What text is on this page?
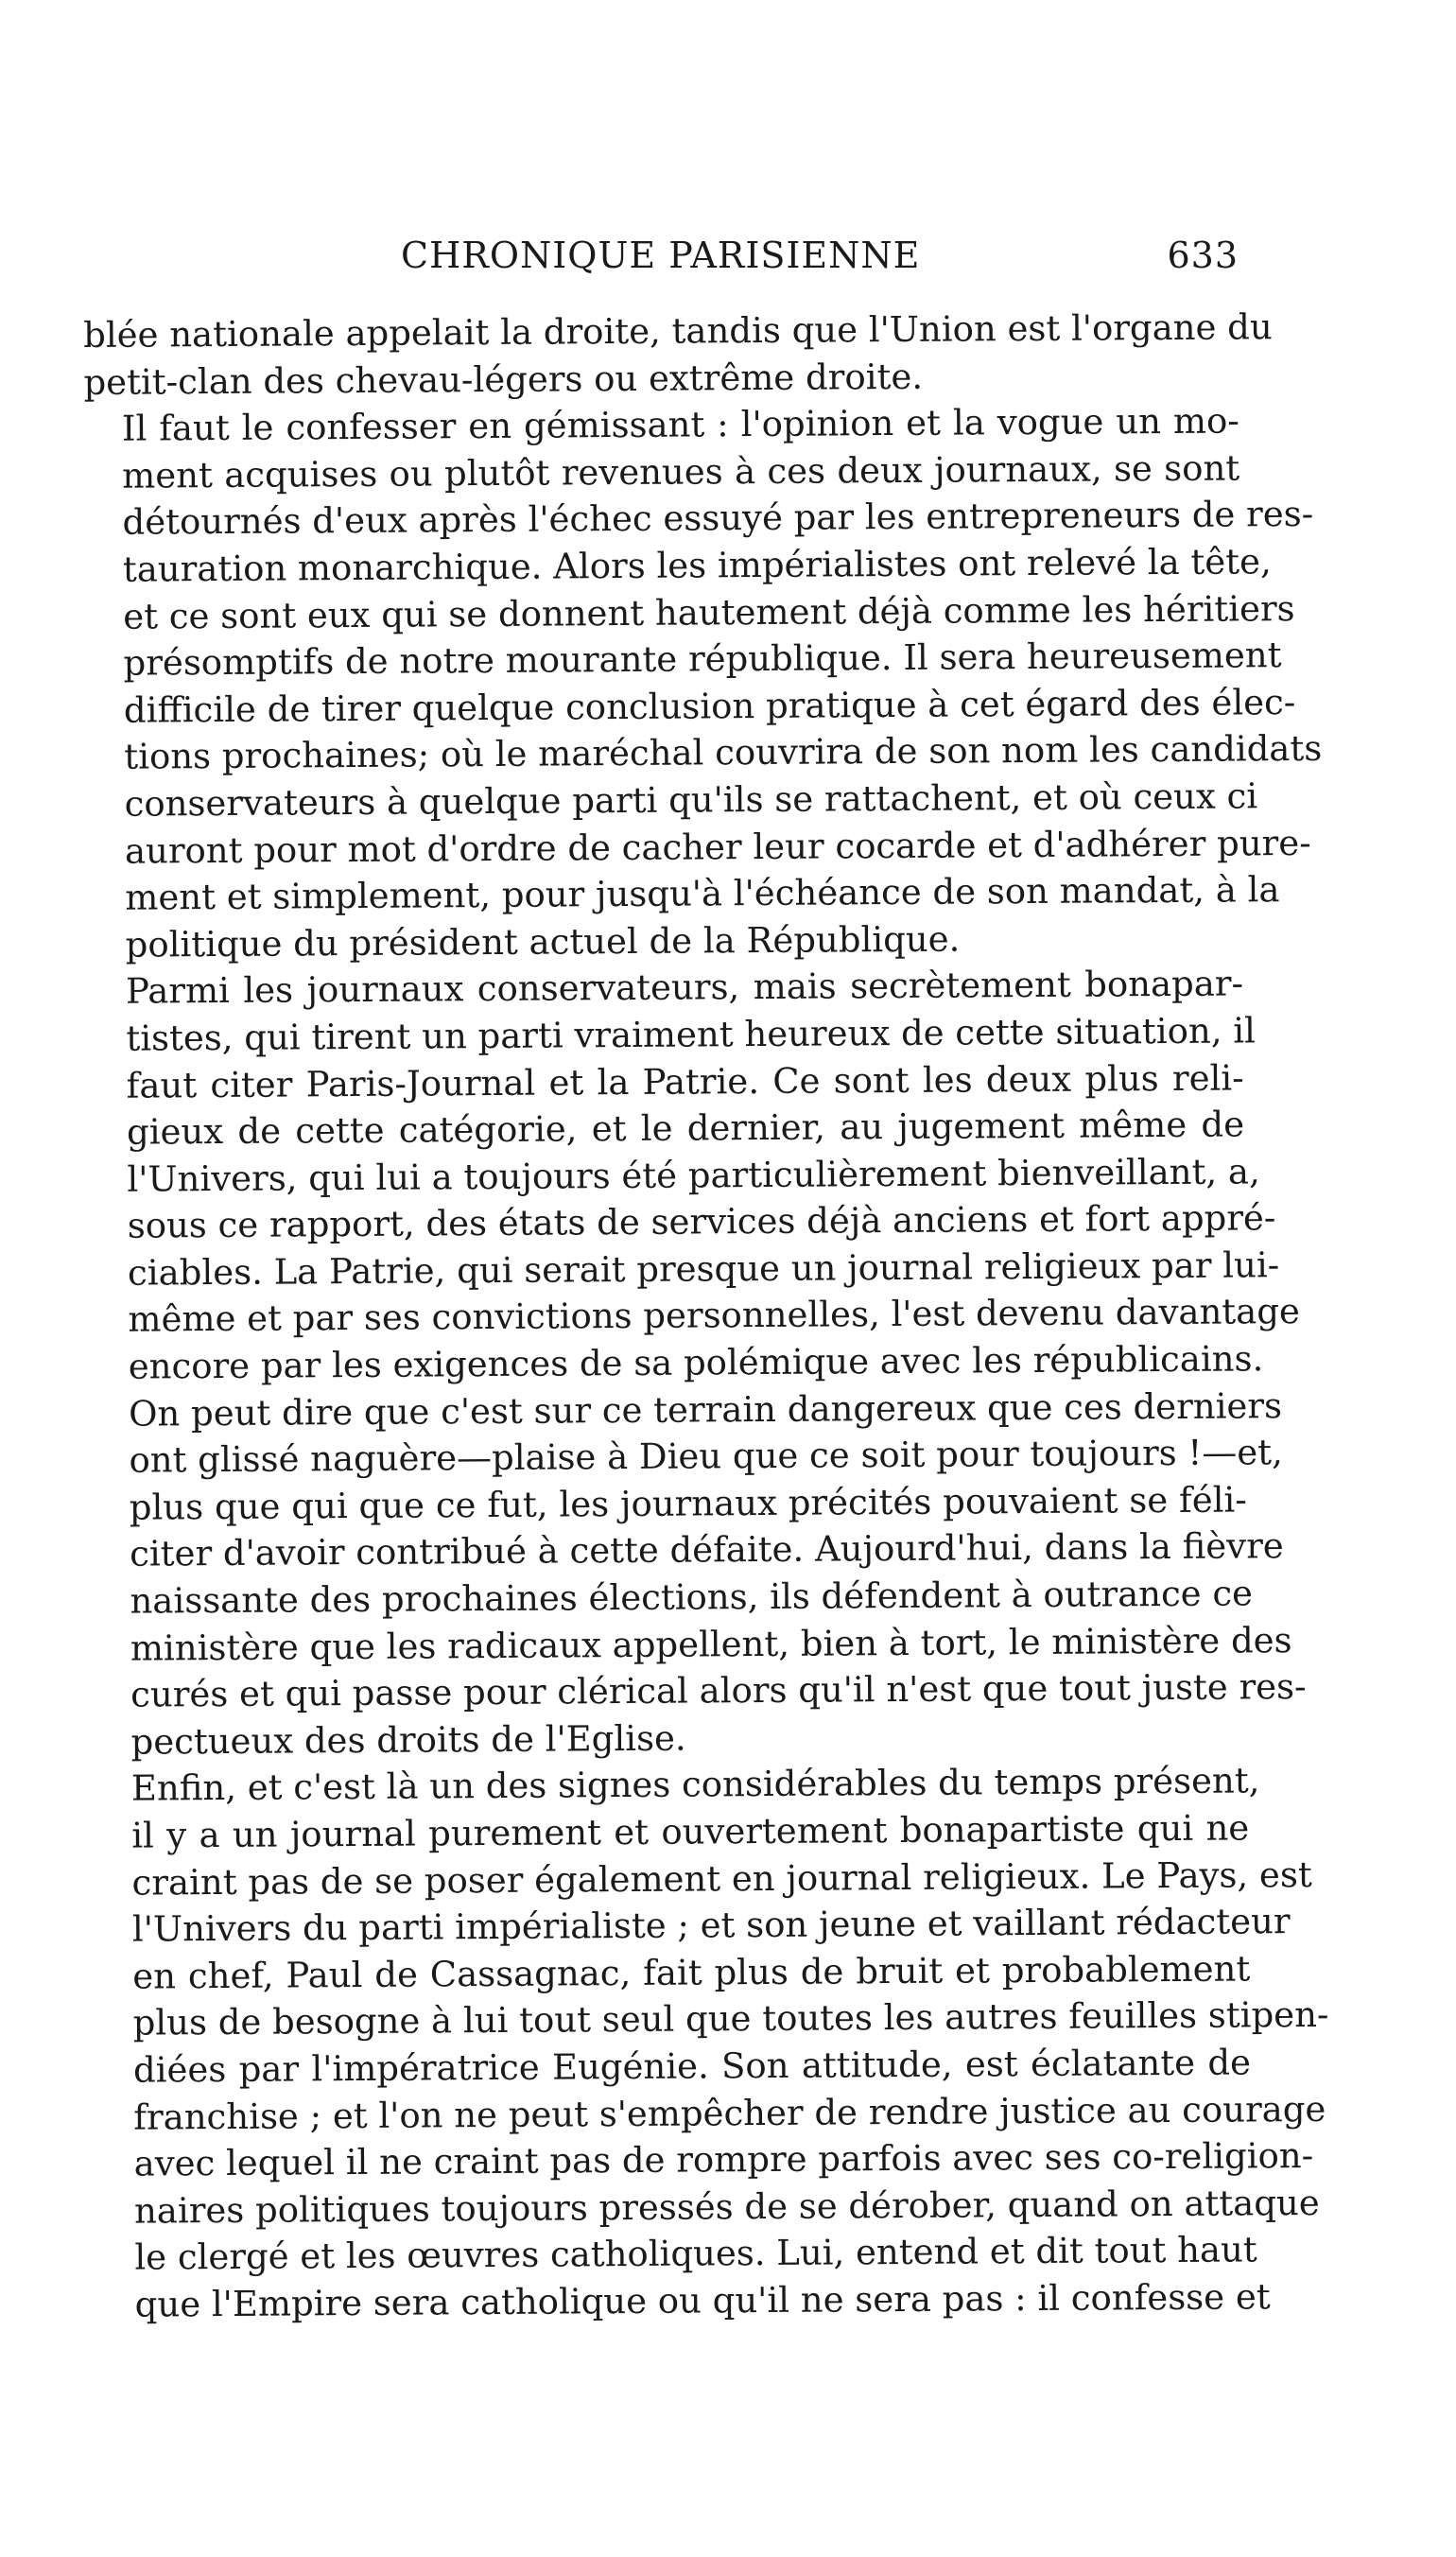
CHRONIQUE PARISIENNE	633

blée nationale appelait la droite, tandis que l'Union est l'organe du
petit-clan des chevau-légers ou extrême droite.

Il faut le confesser en gémissant : l'opinion et la vogue un mo-
ment acquises ou plutôt revenues à ces deux journaux, se sont
détournés d'eux après l'échec essuyé par les entrepreneurs de res-
tauration monarchique. Alors les impérialistes ont relevé la tête,
et ce sont eux qui se donnent hautement déjà comme les héritiers
présomptifs de notre mourante république. Il sera heureusement
difficile de tirer quelque conclusion pratique à cet égard des élec-
tions prochaines; où le maréchal couvrira de son nom les candidats
conservateurs à quelque parti qu'ils se rattachent, et où ceux ci
auront pour mot d'ordre de cacher leur cocarde et d'adhérer pure-
ment et simplement, pour jusqu'à l'échéance de son mandat, à la
politique du président actuel de la République.

Parmi les journaux conservateurs, mais secrètement bonapar-
tistes, qui tirent un parti vraiment heureux de cette situation, il
faut citer Paris-Journal et la Patrie. Ce sont les deux plus reli-
gieux de cette catégorie, et le dernier, au jugement même de
l'Univers, qui lui a toujours été particulièrement bienveillant, a,
sous ce rapport, des états de services déjà anciens et fort appré-
ciables. La Patrie, qui serait presque un journal religieux par lui-
même et par ses convictions personnelles, l'est devenu davantage
encore par les exigences de sa polémique avec les républicains.
On peut dire que c'est sur ce terrain dangereux que ces derniers
ont glissé naguère—plaise à Dieu que ce soit pour toujours !—et,
plus que qui que ce fut, les journaux précités pouvaient se féli-
citer d'avoir contribué à cette défaite. Aujourd'hui, dans la fièvre
naissante des prochaines élections, ils défendent à outrance ce
ministère que les radicaux appellent, bien à tort, le ministère des
curés et qui passe pour clérical alors qu'il n'est que tout juste res-
pectueux des droits de l'Eglise.

Enfin, et c'est là un des signes considérables du temps présent,
il y a un journal purement et ouvertement bonapartiste qui ne
craint pas de se poser également en journal religieux. Le Pays, est
l'Univers du parti impérialiste ; et son jeune et vaillant rédacteur
en chef, Paul de Cassagnac, fait plus de bruit et probablement
plus de besogne à lui tout seul que toutes les autres feuilles stipen-
diées par l'impératrice Eugénie. Son attitude, est éclatante de
franchise ; et l'on ne peut s'empêcher de rendre justice au courage
avec lequel il ne craint pas de rompre parfois avec ses co-religion-
naires politiques toujours pressés de se dérober, quand on attaque
le clergé et les œuvres catholiques. Lui, entend et dit tout haut
que l'Empire sera catholique ou qu'il ne sera pas : il confesse et
